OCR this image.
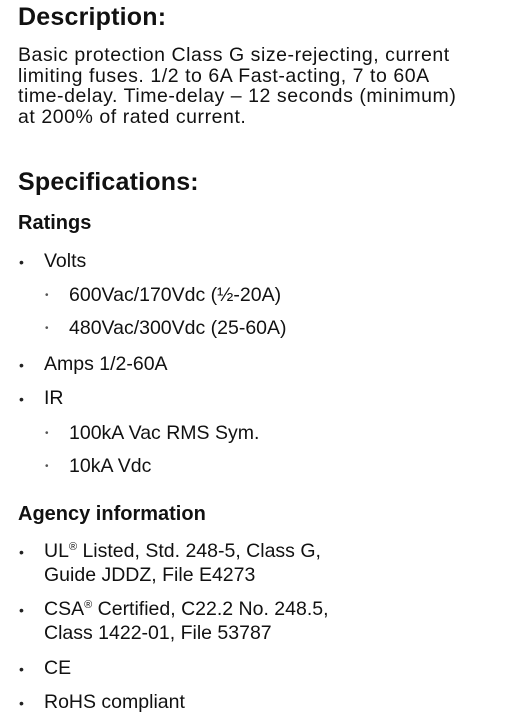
Description:

Basic protection Class G size-rejecting, current
limiting fuses. 1/2 to 6A Fast-acting, 7 to 60A
time-delay. Time-delay – 12 seconds (minimum)
at 200% of rated current.

Specifications:
Ratings
• Volts
• 600Vac/170Vdc (½-20A)
• 480Vac/300Vdc (25-60A)
• Amps 1/2-60A
• IR
• 100kA Vac RMS Sym.
• 10kA Vdc
Agency information
• UL® Listed, Std. 248-5, Class G,
Guide JDDZ, File E4273
• CSA® Certified, C22.2 No. 248.5,
Class 1422-01, File 53787
• CE
• RoHS compliant
